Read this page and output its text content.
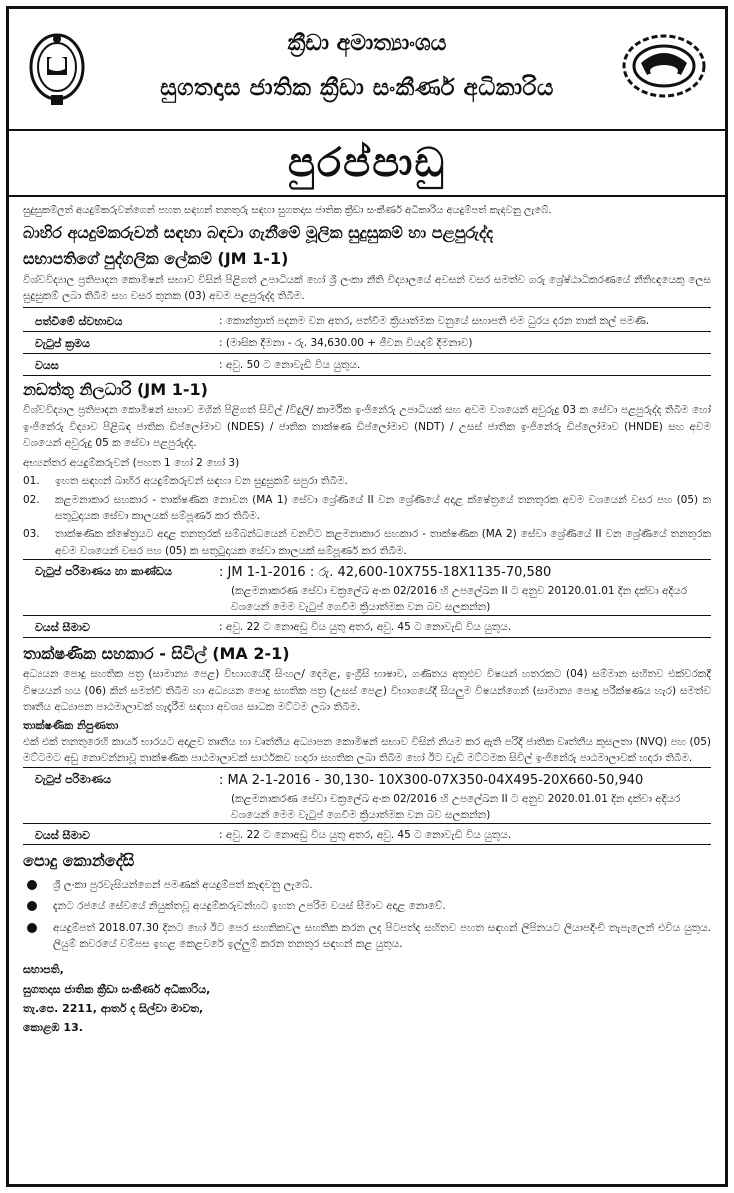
ක්‍රීඩා අමාත්‍යාංශය
සුගතදාස ජාතික ක්‍රීඩා සංකීර්ණ අධිකාරිය
පුරප්පාඩු
සුදුසුකම්ලත් අයදුම්කරුවන්ගෙන් පහත සඳහන් තනතුරු සඳහා සුගතදාස ජාතික ක්‍රීඩා සංකීර්ණ අධිකාරිය අයදුම්පත් කැඳවනු ලැබේ.
බාහිර අයදුම්කරුවන් සඳහා බඳවා ගැනීමේ මූලික සුදුසුකම් හා පළපුරුද්ද
සභාපතිගේ පුද්ගලික ලේකම් (JM 1-1)
විශ්වවිද්‍යාල ප්‍රතිපාදන කොමිෂන් සභාව විසින් පිළිගත් උපාධියක් හෝ ශ්‍රී ලංකා නීති විද්‍යාලයේ අවසන් වසර සමත්ව ගරු ශ්‍රේෂ්ඨාධිකරණයේ නීතිඥයෙකු ලෙස සුදුසුකම් ලබා තිබීම සහ වසර තුනක (03) අවම පළපුරුද්ද තිබීම.
පත්වීමේ ස්වභාවය	: කොන්ත්‍රාත් පදනම වන අතර, පත්වීම ක්‍රියාත්මක වනුයේ සභාපති එම ධුරය දරන තාක් කල් පමණි.
වැටුප් ක්‍රමය	: (මාසික දීමනා - රු. 34,630.00 + ජීවන වියදම් දීමනාව)
වයස	: අවු. 50 ට නොවැඩි විය යුතුය.
නඩත්තු නිලධාරි (JM 1-1)
විශ්වවිද්‍යාල ප්‍රතිපාදන කොමිෂන් සභාව මගින් පිළිගත් සිවිල් /විදුලි/ කාර්මික ඉංජිනේරු උපාධියක් සහ අවම වශයෙන් අවුරුදු 03 ක සේවා පළපුරුද්ද තිබීම හෝ ඉංජිනේරු විද්‍යාව පිළිබඳ ජාතික ඩිප්ලෝමාව (NDES) / ජාතික තාක්ෂණ ඩිප්ලෝමාව (NDT) / උසස් ජාතික ඉංජිනේරු ඩිප්ලෝමාව (HNDE) සහ අවම වශයෙන් අවුරුදු 05 ක සේවා පළපුරුද්ද.
අභ්‍යන්තර අයදුම්කරුවන් (පහත 1 හෝ 2 හෝ 3)
01.	ඉහත සඳහන් බාහිර අයදුම්කරුවන් සඳහා වන සුදුසුකම් සපුරා තිබීම.
02.	කළමනාකාර සහකාර - තාක්ෂණික නොවන (MA 1) සේවා ශ්‍රේණියේ II වන ශ්‍රේණියේ අදාළ ක්ෂේත්‍රයේ තනතුරක අවම වශයෙන් වසර පහ (05) ක සතුටුදායක සේවා කාලයක් සම්පූර්ණ කර තිබීම.
03.	තාක්ෂණික ක්ෂේත්‍රයට අදාළ තනතුරක් සම්බන්ධයෙන් වනවිට කළමනාකාර සහකාර - තාක්ෂණික (MA 2) සේවා ශ්‍රේණියේ II වන ශ්‍රේණියේ තනතුරක අවම වශයෙන් වසර පහ (05) ක සතුටුදායක සේවා කාලයක් සම්පූර්ණ කර තිබීම.
වැටුප් පරිමාණය හා කාණ්ඩය	: JM 1-1-2016 : රු. 42,600-10X755-18X1135-70,580
(කළමනාකරණ සේවා චක්‍රලේඛ අංක 02/2016 හි උපලේඛන II ට අනුව 20120.01.01 දින දක්වා අදියර වශයෙන් මෙම වැටුප් ගෙවීම ක්‍රියාත්මක වන බව සලකන්න)
වයස් සීමාව	: අවු. 22 ට නොඅඩු විය යුතු අතර, අවු. 45 ට නොවැඩි විය යුතුය.
තාක්ෂණික සහකාර - සිවිල් (MA 2-1)
අධ්‍යයන පොදු සහතික පත්‍ර (සාමාන්‍ය පෙළ) විභාගයේදී සිංහල/ දෙමළ, ඉංග්‍රීසි භාෂාව, ගණිතය අතුළුව විෂයන් හතරකට (04) සම්මාන සහිතව එක්වරකදී විෂයයන් හය (06) කින් සමත්වී තිබීම හා අධ්‍යයන පොදු සහතික පත්‍ර (උසස් පෙළ) විභාගයේදී සියලුම විෂයන්ගෙන් (සාමාන්‍ය පොදු පරීක්ෂණය හැර) සමත්ව තෘතීය අධ්‍යාපන පාඨමාලාවක් හැදෑරීම සඳහා අවශ්‍ය සාධක මට්ටම ලබා තිබීම.
තාක්ෂණික නිපුණතා
එක් එක් තනතුරෙහි කාර්ය භාරයට අදාළව තෘතීය හා වෘත්තීය අධ්‍යාපන කොමිෂන් සභාව විසින් නියම කර ඇති පරිදි ජාතික වෘත්තීය කුසලතා (NVQ) පහ (05) මට්ටමට අඩු නොවන්නාවූ තාක්ෂණික පාඨමාලාවක් සාර්ථකව හදාරා සහතික ලබා තිබීම හෝ ඊට වැඩි මට්ටමක සිවිල් ඉංජිනේරු පාඨමාලාවක් හදාරා තිබීම.
වැටුප් පරිමාණය	: MA 2-1-2016 - 30,130- 10X300-07X350-04X495-20X660-50,940
(කළමනාකරණ සේවා චක්‍රලේඛ අංක 02/2016 හි උපලේඛන II ට අනුව 2020.01.01 දින දක්වා අදියර වශයෙන් මෙම වැටුප් ගෙවීම ක්‍රියාත්මක වන බව සලකන්න)
වයස් සීමාව	: අවු. 22 ට නොඅඩු විය යුතු අතර, අවු. 45 ට නොවැඩි විය යුතුය.
පොදු කොන්දේසි
ශ්‍රී ලංකා පුරවැසියන්ගෙන් පමණක් අයදුම්පත් කැඳවනු ලැබේ.
දැනට රජයේ සේවයේ නියුක්තවූ අයදුම්කරුවන්හට ඉහත උපරිම වයස් සීමාව අදාළ නොවේ.
අයදුම්පත් 2018.07.30 දිනට හෝ ඊට පෙර සහතිකවල සහතික කරන ලද පිටපත්ද සහිතව පහත සඳහන් ලිපිනයට ලියාපදිංචි තැපැලෙන් එවිය යුතුය. ලියුම් කවරයේ වම්පස ඉහළ කෙළවරේ ඉල්ලුම් කරන තනතුර සඳහන් කළ යුතුය.
සභාපති,
සුගතදාස ජාතික ක්‍රීඩා සංකීර්ණ අධිකාරිය,
තැ.පෙ. 2211, ආතර් ද සිල්වා මාවත,
කොළඹ 13.
